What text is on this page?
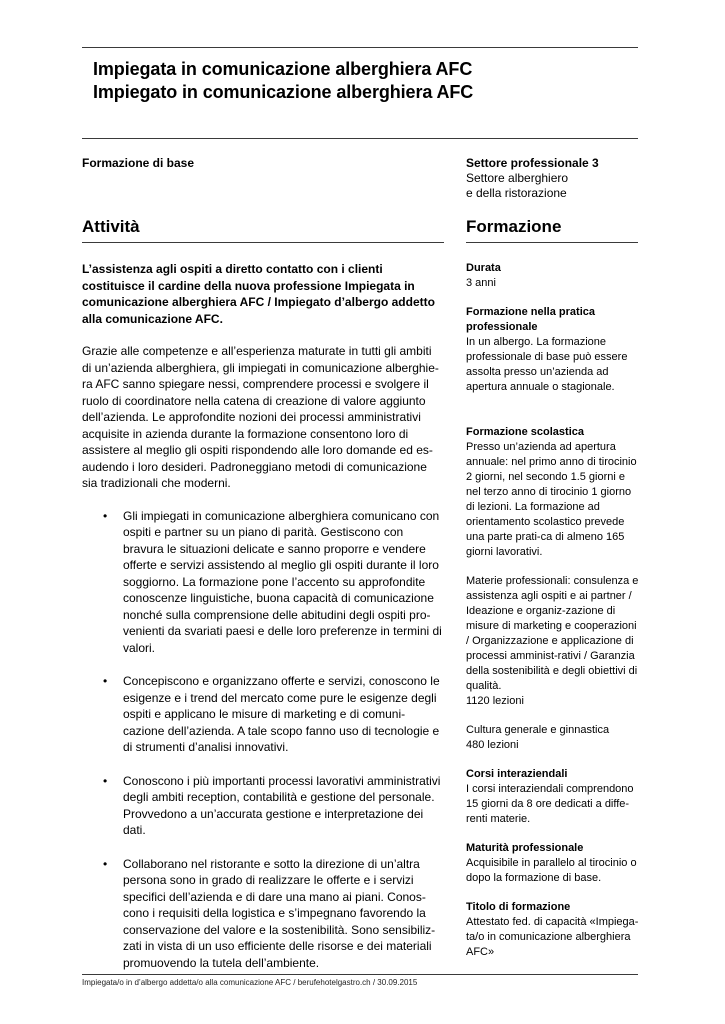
Impiegata in comunicazione alberghiera AFC
Impiegato in comunicazione alberghiera AFC
Formazione di base	Settore professionale 3
Settore alberghiero
e della ristorazione
Attività	Formazione

L’assistenza agli ospiti a diretto contatto con i clienti costituisce il cardine della nuova professione Impiegata in comunicazione alberghiera AFC / Impiegato d’albergo addetto alla comunicazione AFC.

Grazie alle competenze e all’esperienza maturate in tutti gli ambiti di un’azienda alberghiera, gli impiegati in comunicazione alberghie-ra AFC sanno spiegare nessi, comprendere processi e svolgere il ruolo di coordinatore nella catena di creazione di valore aggiunto dell’azienda. Le approfondite nozioni dei processi amministrativi acquisite in azienda durante la formazione consentono loro di assistere al meglio gli ospiti rispondendo alle loro domande ed es-audendo i loro desideri. Padroneggiano metodi di comunicazione sia tradizionali che moderni.

• Gli impiegati in comunicazione alberghiera comunicano con ospiti e partner su un piano di parità. Gestiscono con bravura le situazioni delicate e sanno proporre e vendere offerte e servizi assistendo al meglio gli ospiti durante il loro soggiorno. La formazione pone l’accento su approfondite conoscenze linguistiche, buona capacità di comunicazione nonché sulla comprensione delle abitudini degli ospiti pro-venienti da svariati paesi e delle loro preferenze in termini di valori.
• Concepiscono e organizzano offerte e servizi, conoscono le esigenze e i trend del mercato come pure le esigenze degli ospiti e applicano le misure di marketing e di comuni-cazione dell’azienda. A tale scopo fanno uso di tecnologie e di strumenti d’analisi innovativi.
• Conoscono i più importanti processi lavorativi amministrativi degli ambiti reception, contabilità e gestione del personale. Provvedono a un’accurata gestione e interpretazione dei dati.
• Collaborano nel ristorante e sotto la direzione di un’altra persona sono in grado di realizzare le offerte e i servizi specifici dell’azienda e di dare una mano ai piani. Conos-cono i requisiti della logistica e s’impegnano favorendo la conservazione del valore e la sostenibilità. Sono sensibiliz-zati in vista di un uso efficiente delle risorse e dei materiali promuovendo la tutela dell’ambiente.
Durata
3 anni
Formazione nella pratica professionale
In un albergo. La formazione professionale di base può essere assolta presso un’azienda ad apertura annuale o stagionale.
Formazione scolastica
Presso un’azienda ad apertura annuale: nel primo anno di tirocinio 2 giorni, nel secondo 1.5 giorni e nel terzo anno di tirocinio 1 giorno di lezioni. La formazione ad orientamento scolastico prevede una parte prati-ca di almeno 165 giorni lavorativi.
Materie professionali: consulenza e assistenza agli ospiti e ai partner / Ideazione e organiz-zazione di misure di marketing e cooperazioni / Organizzazione e applicazione di processi amminist-rativi / Garanzia della sostenibilità e degli obiettivi di qualità.
1120 lezioni
Cultura generale e ginnastica
480 lezioni
Corsi interaziendali
I corsi interaziendali comprendono 15 giorni da 8 ore dedicati a diffe-renti materie.
Maturità professionale
Acquisibile in parallelo al tirocinio o dopo la formazione di base.
Titolo di formazione
Attestato fed. di capacità «Impiega-ta/o in comunicazione alberghiera AFC»
Impiegata/o in d’albergo addetta/o alla comunicazione AFC / berufehotelgastro.ch / 30.09.2015
